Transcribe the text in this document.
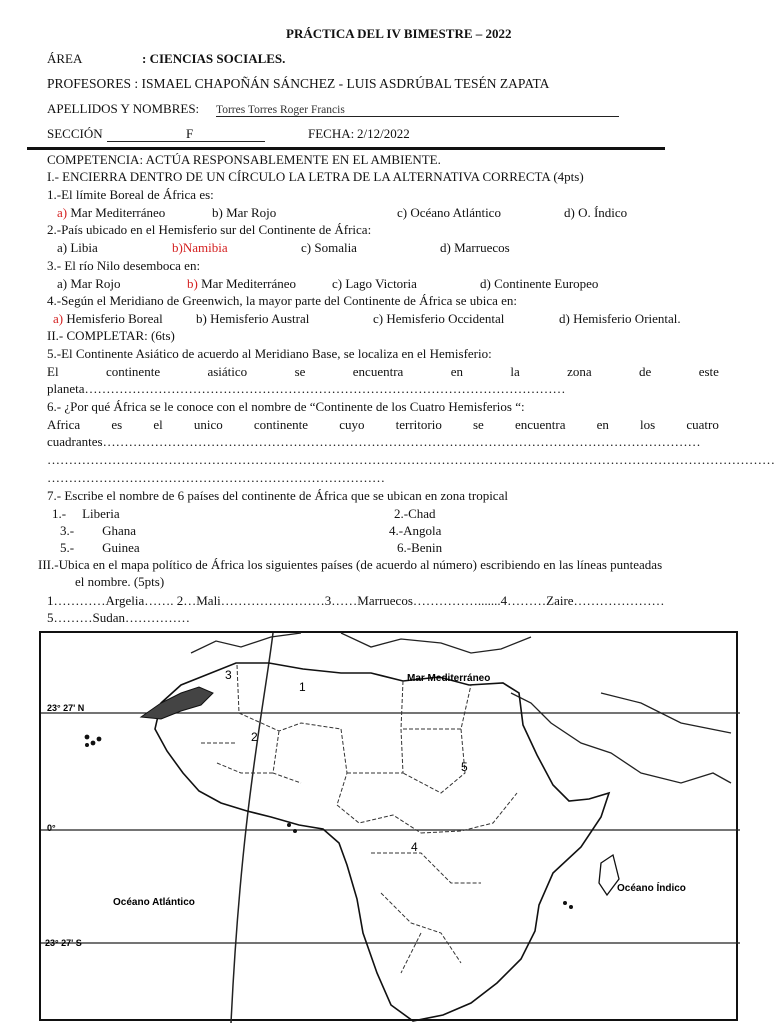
PRÁCTICA DEL IV BIMESTRE – 2022
ÁREA	: CIENCIAS SOCIALES.
PROFESORES : ISMAEL CHAPOÑÁN SÁNCHEZ - LUIS ASDRÚBAL TESÉN ZAPATA
APELLIDOS Y NOMBRES: Torres Torres Roger Francis
SECCIÓN	F	FECHA: 2/12/2022
COMPETENCIA: ACTÚA RESPONSABLEMENTE EN EL AMBIENTE.
I.- ENCIERRA DENTRO DE UN CÍRCULO LA LETRA DE LA ALTERNATIVA CORRECTA (4pts)
1.-El límite Boreal de África es:
a) Mar Mediterráneo	b) Mar Rojo	c) Océano Atlántico	d) O. Índico
2.-País ubicado en el Hemisferio sur del Continente de África:
a) Libia	b)Namibia	c) Somalia	d) Marruecos
3.- El río Nilo desemboca en:
a) Mar Rojo	b) Mar Mediterráneo	c) Lago Victoria	d) Continente Europeo
4.-Según el Meridiano de Greenwich, la mayor parte del Continente de África se ubica en:
a) Hemisferio Boreal	b) Hemisferio Austral	c) Hemisferio Occidental	d) Hemisferio Oriental.
II.- COMPLETAR: (6ts)
5.-El Continente Asiático de acuerdo al Meridiano Base, se localiza en el Hemisferio:
El	continente	asiático	se	encuentra	en	la	zona	de	este
planeta…………………………………………………………………………………………………
6.- ¿Por qué África se le conoce con el nombre de “Continente de los Cuatro Hemisferios “:
Africa es el unico continente cuyo territorio se encuentra en los cuatro
cuadrantes…………………………………………………………………………………………………………………………
……………………………………………………………………………………………………………………………………………………
……………………………………………………………………
7.- Escribe el nombre de 6 países del continente de África que se ubican en zona tropical
1.- Liberia	2.-Chad
3.- Ghana	4.-Angola
5.- Guinea	6.-Benin
III.-Ubica en el mapa político de África los siguientes países (de acuerdo al número) escribiendo en las líneas punteadas
el nombre. (5pts)
1…………Argelia……. 2…Mali……………………3……Marruecos…………….......4………Zaire…………………
5………Sudan……………
Mar Mediterráneo
Océano Atlántico
Océano Índico
23° 27' N
0°
23° 27' S
1
2
3
4
5
